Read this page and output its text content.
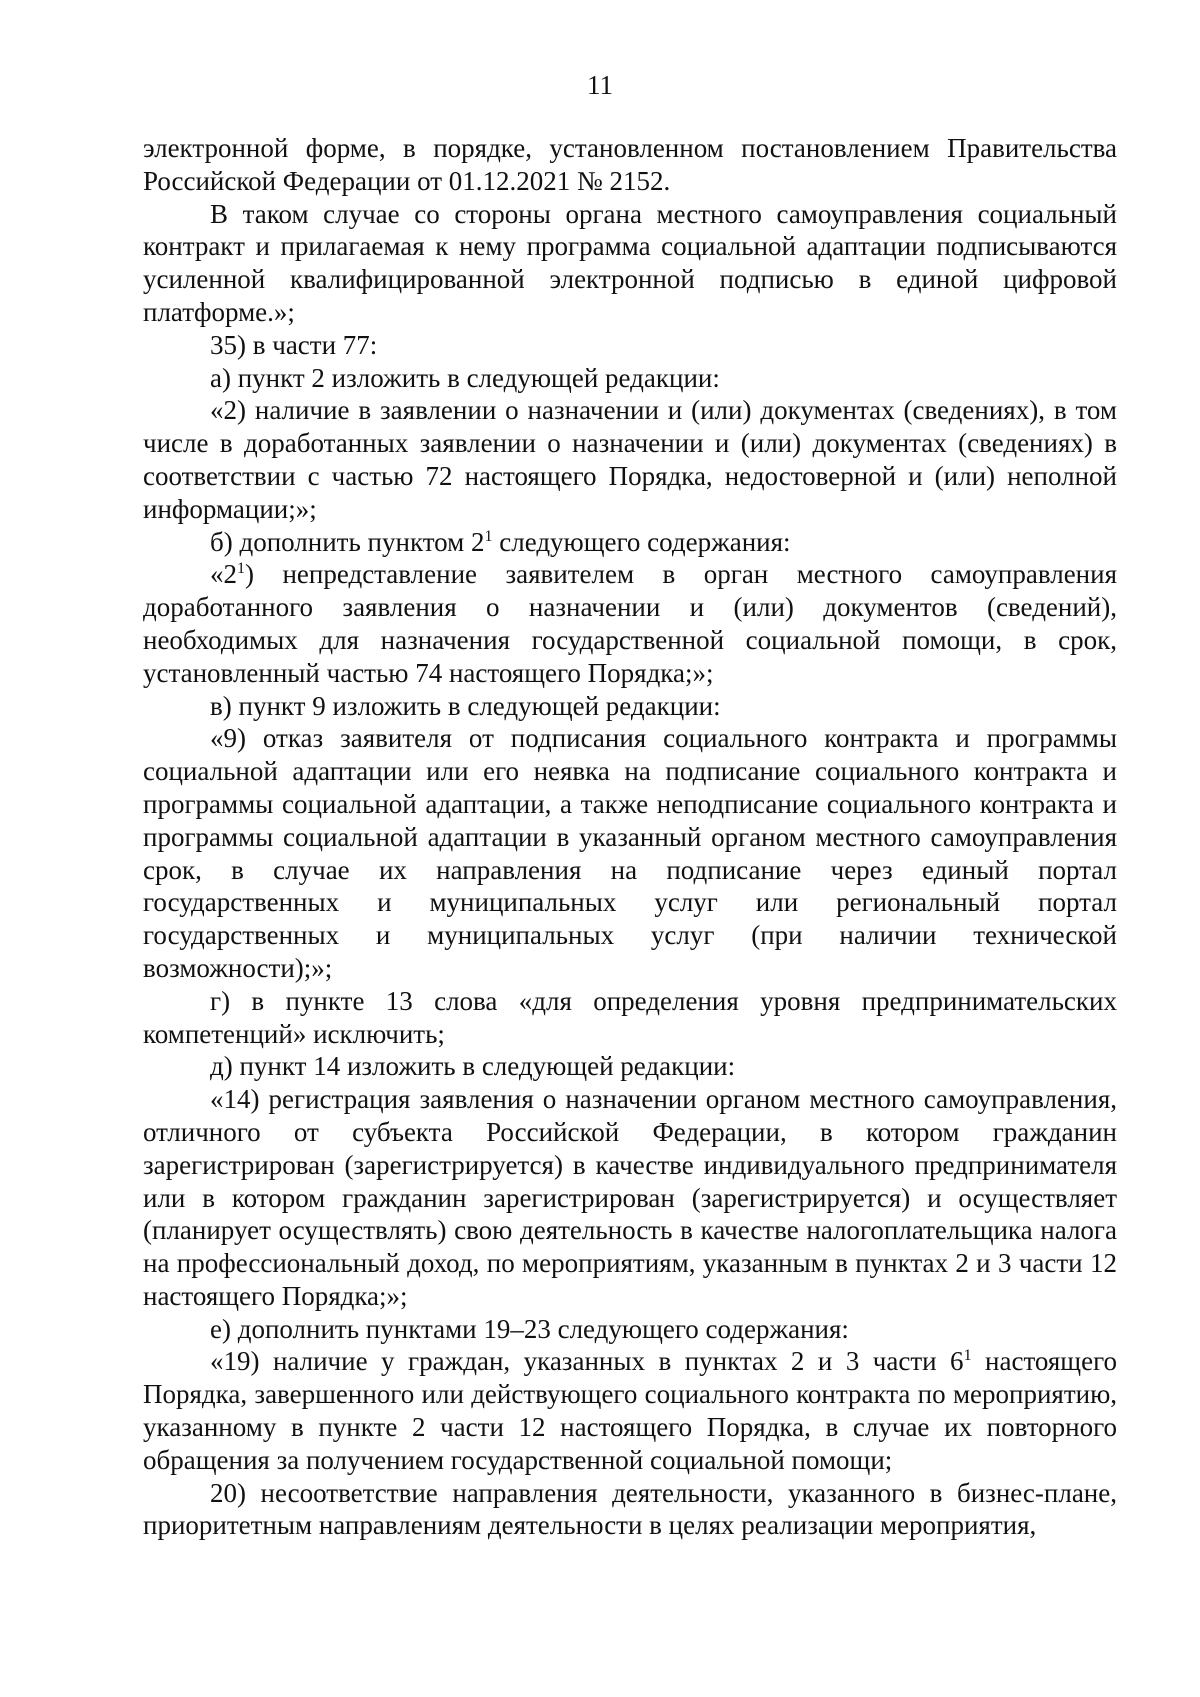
11

электронной форме, в порядке, установленном постановлением Правительства Российской Федерации от 01.12.2021 № 2152.

В таком случае со стороны органа местного самоуправления социальный контракт и прилагаемая к нему программа социальной адаптации подписываются усиленной квалифицированной электронной подписью в единой цифровой платформе.»;

35) в части 77:

а) пункт 2 изложить в следующей редакции:

«2) наличие в заявлении о назначении и (или) документах (сведениях), в том числе в доработанных заявлении о назначении и (или) документах (сведениях) в соответствии с частью 72 настоящего Порядка, недостоверной и (или) неполной информации;»;

б) дополнить пунктом $2^1$ следующего содержания:

«$2^1$) непредставление заявителем в орган местного самоуправления доработанного заявления о назначении и (или) документов (сведений), необходимых для назначения государственной социальной помощи, в срок, установленный частью 74 настоящего Порядка;»;

в) пункт 9 изложить в следующей редакции:

«9) отказ заявителя от подписания социального контракта и программы социальной адаптации или его неявка на подписание социального контракта и программы социальной адаптации, а также неподписание социального контракта и программы социальной адаптации в указанный органом местного самоуправления срок, в случае их направления на подписание через единый портал государственных и муниципальных услуг или региональный портал государственных и муниципальных услуг (при наличии технической возможности);»;

г) в пункте 13 слова «для определения уровня предпринимательских компетенций» исключить;

д) пункт 14 изложить в следующей редакции:

«14) регистрация заявления о назначении органом местного самоуправления, отличного от субъекта Российской Федерации, в котором гражданин зарегистрирован (зарегистрируется) в качестве индивидуального предпринимателя или в котором гражданин зарегистрирован (зарегистрируется) и осуществляет (планирует осуществлять) свою деятельность в качестве налогоплательщика налога на профессиональный доход, по мероприятиям, указанным в пунктах 2 и 3 части 12 настоящего Порядка;»;

е) дополнить пунктами 19–23 следующего содержания:

«19) наличие у граждан, указанных в пунктах 2 и 3 части $6^1$ настоящего Порядка, завершенного или действующего социального контракта по мероприятию, указанному в пункте 2 части 12 настоящего Порядка, в случае их повторного обращения за получением государственной социальной помощи;

20) несоответствие направления деятельности, указанного в бизнес-плане, приоритетным направлениям деятельности в целях реализации мероприятия,
